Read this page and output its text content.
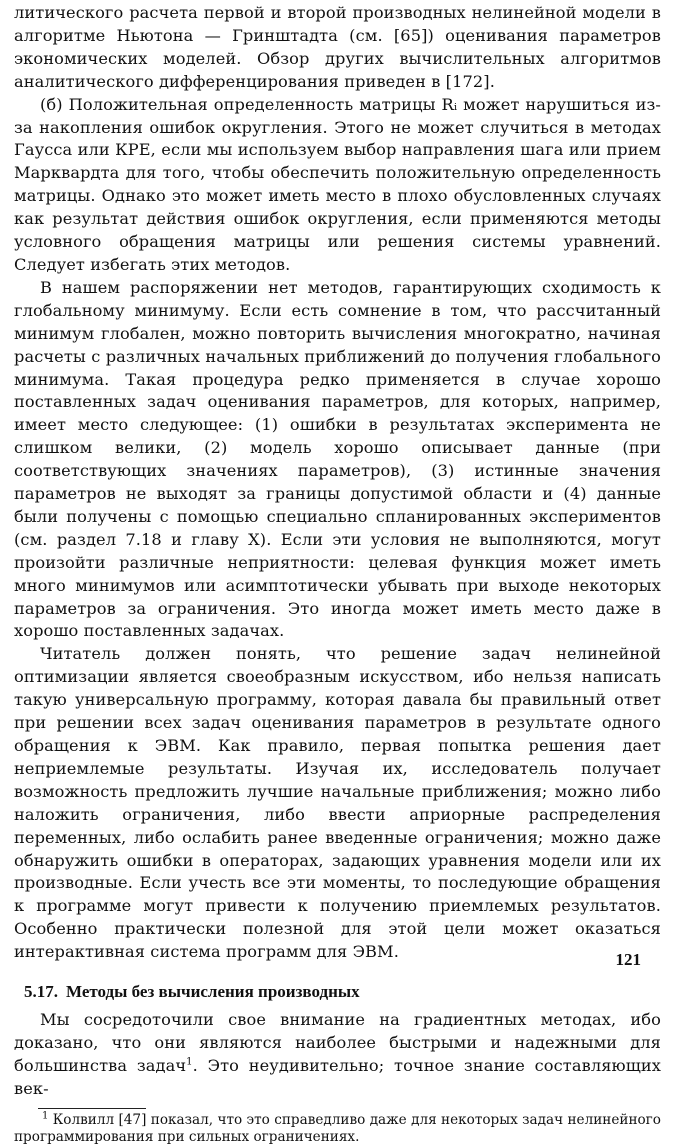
литического расчета первой и второй производных нелинейной модели в алгоритме Ньютона — Гринштадта (см. [65]) оценивания параметров экономических моделей. Обзор других вычислительных алгоритмов аналитического дифференцирования приведен в [172].

(б) Положительная определенность матрицы Rᵢ может нарушиться из-за накопления ошибок округления. Этого не может случиться в методах Гаусса или КРЕ, если мы используем выбор направления шага или прием Марквардта для того, чтобы обеспечить положительную определенность матрицы. Однако это может иметь место в плохо обусловленных случаях как результат действия ошибок округления, если применяются методы условного обращения матрицы или решения системы уравнений. Следует избегать этих методов.

В нашем распоряжении нет методов, гарантирующих сходимость к глобальному минимуму. Если есть сомнение в том, что рассчитанный минимум глобален, можно повторить вычисления многократно, начиная расчеты с различных начальных приближений до получения глобального минимума. Такая процедура редко применяется в случае хорошо поставленных задач оценивания параметров, для которых, например, имеет место следующее: (1) ошибки в результатах эксперимента не слишком велики, (2) модель хорошо описывает данные (при соответствующих значениях параметров), (3) истинные значения параметров не выходят за границы допустимой области и (4) данные были получены с помощью специально спланированных экспериментов (см. раздел 7.18 и главу X). Если эти условия не выполняются, могут произойти различные неприятности: целевая функция может иметь много минимумов или асимптотически убывать при выходе некоторых параметров за ограничения. Это иногда может иметь место даже в хорошо поставленных задачах.

Читатель должен понять, что решение задач нелинейной оптимизации является своеобразным искусством, ибо нельзя написать такую универсальную программу, которая давала бы правильный ответ при решении всех задач оценивания параметров в результате одного обращения к ЭВМ. Как правило, первая попытка решения дает неприемлемые результаты. Изучая их, исследователь получает возможность предложить лучшие начальные приближения; можно либо наложить ограничения, либо ввести априорные распределения переменных, либо ослабить ранее введенные ограничения; можно даже обнаружить ошибки в операторах, задающих уравнения модели или их производные. Если учесть все эти моменты, то последующие обращения к программе могут привести к получению приемлемых результатов. Особенно практически полезной для этой цели может оказаться интерактивная система программ для ЭВМ.

5.17. Методы без вычисления производных

Мы сосредоточили свое внимание на градиентных методах, ибо доказано, что они являются наиболее быстрыми и надежными для большинства задач$^1$. Это неудивительно; точное знание составляющих век-

$^1$ Колвилл [47] показал, что это справедливо даже для некоторых задач нелинейного программирования при сильных ограничениях.

121
